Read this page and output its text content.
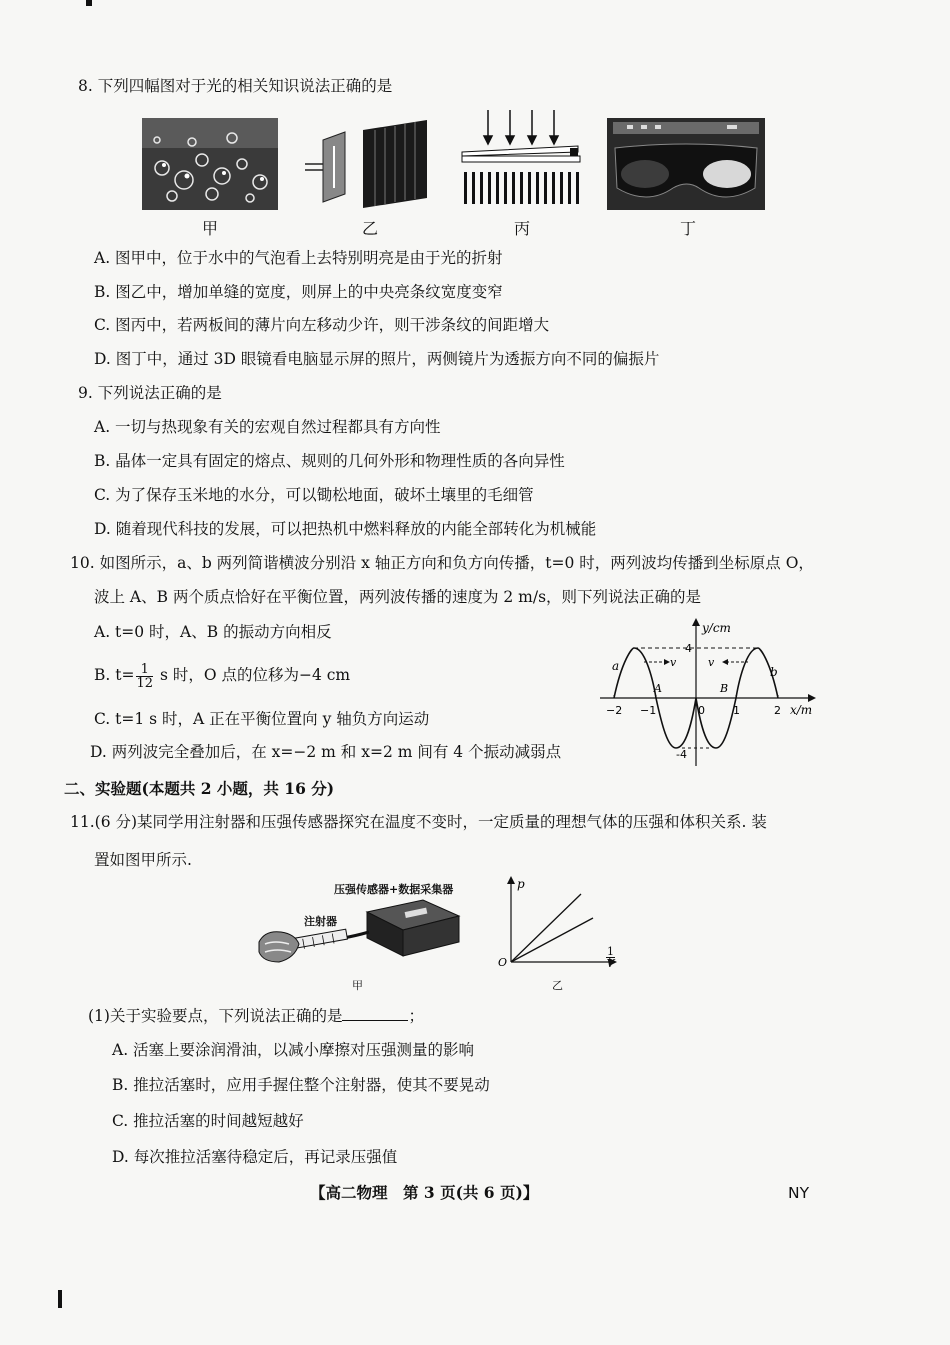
8. 下列四幅图对于光的相关知识说法正确的是
甲	乙	丙	丁
A. 图甲中，位于水中的气泡看上去特别明亮是由于光的折射
B. 图乙中，增加单缝的宽度，则屏上的中央亮条纹宽度变窄
C. 图丙中，若两板间的薄片向左移动少许，则干涉条纹的间距增大
D. 图丁中，通过 3D 眼镜看电脑显示屏的照片，两侧镜片为透振方向不同的偏振片
9. 下列说法正确的是
A. 一切与热现象有关的宏观自然过程都具有方向性
B. 晶体一定具有固定的熔点、规则的几何外形和物理性质的各向异性
C. 为了保存玉米地的水分，可以锄松地面，破坏土壤里的毛细管
D. 随着现代科技的发展，可以把热机中燃料释放的内能全部转化为机械能
10. 如图所示，a、b 两列简谐横波分别沿 x 轴正方向和负方向传播，t=0 时，两列波均传播到坐标原点 O，
波上 A、B 两个质点恰好在平衡位置，两列波传播的速度为 2 m/s，则下列说法正确的是
A. t=0 时，A、B 的振动方向相反
B. $t= \frac{1}{12}$ s 时，O 点的位移为−4 cm
C. t=1 s 时，A 正在平衡位置向 y 轴负方向运动
D. 两列波完全叠加后，在 x=−2 m 和 x=2 m 间有 4 个振动减弱点
y/cm
x/m
4
-4
−2 −1	0	1	2
a	b
A	B
v	v
二、实验题(本题共 2 小题，共 16 分)
11.(6 分)某同学用注射器和压强传感器探究在温度不变时，一定质量的理想气体的压强和体积关系. 装
置如图甲所示.
压强传感器+数据采集器
注射器
甲
p
O	$\frac{1}{V}$
乙
(1)关于实验要点，下列说法正确的是	；
A. 活塞上要涂润滑油，以减小摩擦对压强测量的影响
B. 推拉活塞时，应用手握住整个注射器，使其不要晃动
C. 推拉活塞的时间越短越好
D. 每次推拉活塞待稳定后，再记录压强值
【高二物理　第 3 页(共 6 页)】	NY
